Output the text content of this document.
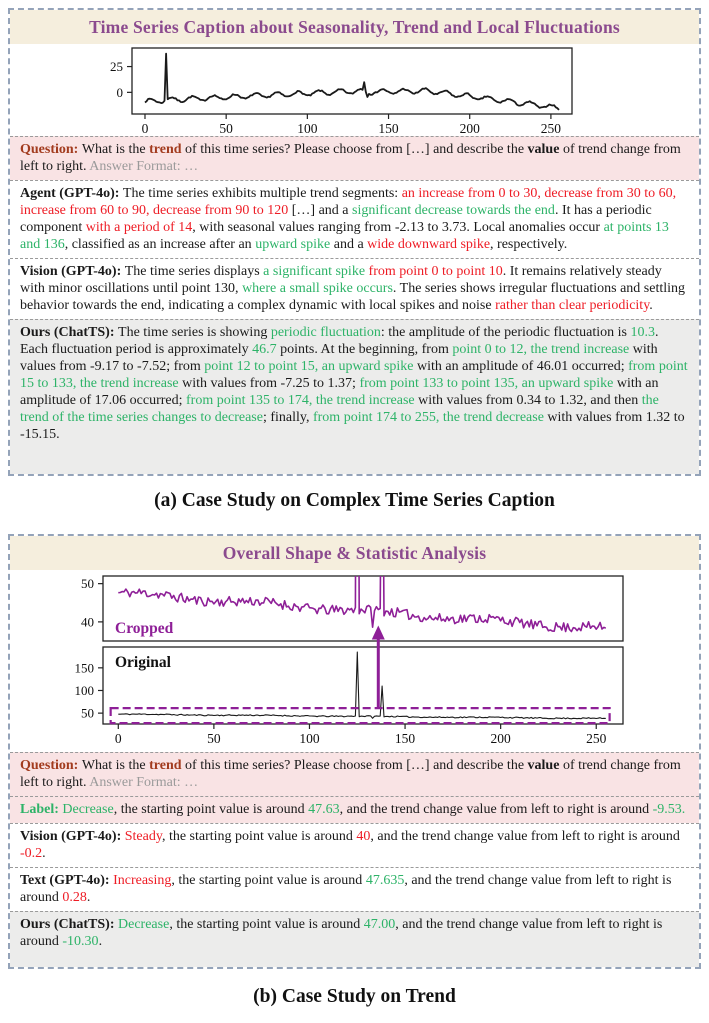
Time Series Caption about Seasonality, Trend and Local Fluctuations
0
25
0	50	100	150	200	250
Question: What is the trend of this time series? Please choose from […] and describe the value of trend change from left to right. Answer Format: …
Agent (GPT-4o): The time series exhibits multiple trend segments: an increase from 0 to 30, decrease from 30 to 60, increase from 60 to 90, decrease from 90 to 120 […] and a significant decrease towards the end. It has a periodic component with a period of 14, with seasonal values ranging from -2.13 to 3.73. Local anomalies occur at points 13 and 136, classified as an increase after an upward spike and a wide downward spike, respectively.
Vision (GPT-4o): The time series displays a significant spike from point 0 to point 10. It remains relatively steady with minor oscillations until point 130, where a small spike occurs. The series shows irregular fluctuations and settling behavior towards the end, indicating a complex dynamic with local spikes and noise rather than clear periodicity.
Ours (ChatTS): The time series is showing periodic fluctuation: the amplitude of the periodic fluctuation is 10.3. Each fluctuation period is approximately 46.7 points. At the beginning, from point 0 to 12, the trend increase with values from -9.17 to -7.52; from point 12 to point 15, an upward spike with an amplitude of 46.01 occurred; from point 15 to 133, the trend increase with values from -7.25 to 1.37; from point 133 to point 135, an upward spike with an amplitude of 17.06 occurred; from point 135 to 174, the trend increase with values from 0.34 to 1.32, and then the trend of the time series changes to decrease; finally, from point 174 to 255, the trend decrease with values from 1.32 to -15.15.
(a) Case Study on Complex Time Series Caption
Overall Shape & Statistic Analysis
40
50
Cropped
50
100
150
0	50	100	150	200	250
Original
Question: What is the trend of this time series? Please choose from […] and describe the value of trend change from left to right. Answer Format: …
Label: Decrease, the starting point value is around 47.63, and the trend change value from left to right is around -9.53.
Vision (GPT-4o): Steady, the starting point value is around 40, and the trend change value from left to right is around -0.2.
Text (GPT-4o): Increasing, the starting point value is around 47.635, and the trend change value from left to right is around 0.28.
Ours (ChatTS): Decrease, the starting point value is around 47.00, and the trend change value from left to right is around -10.30.
(b) Case Study on Trend
